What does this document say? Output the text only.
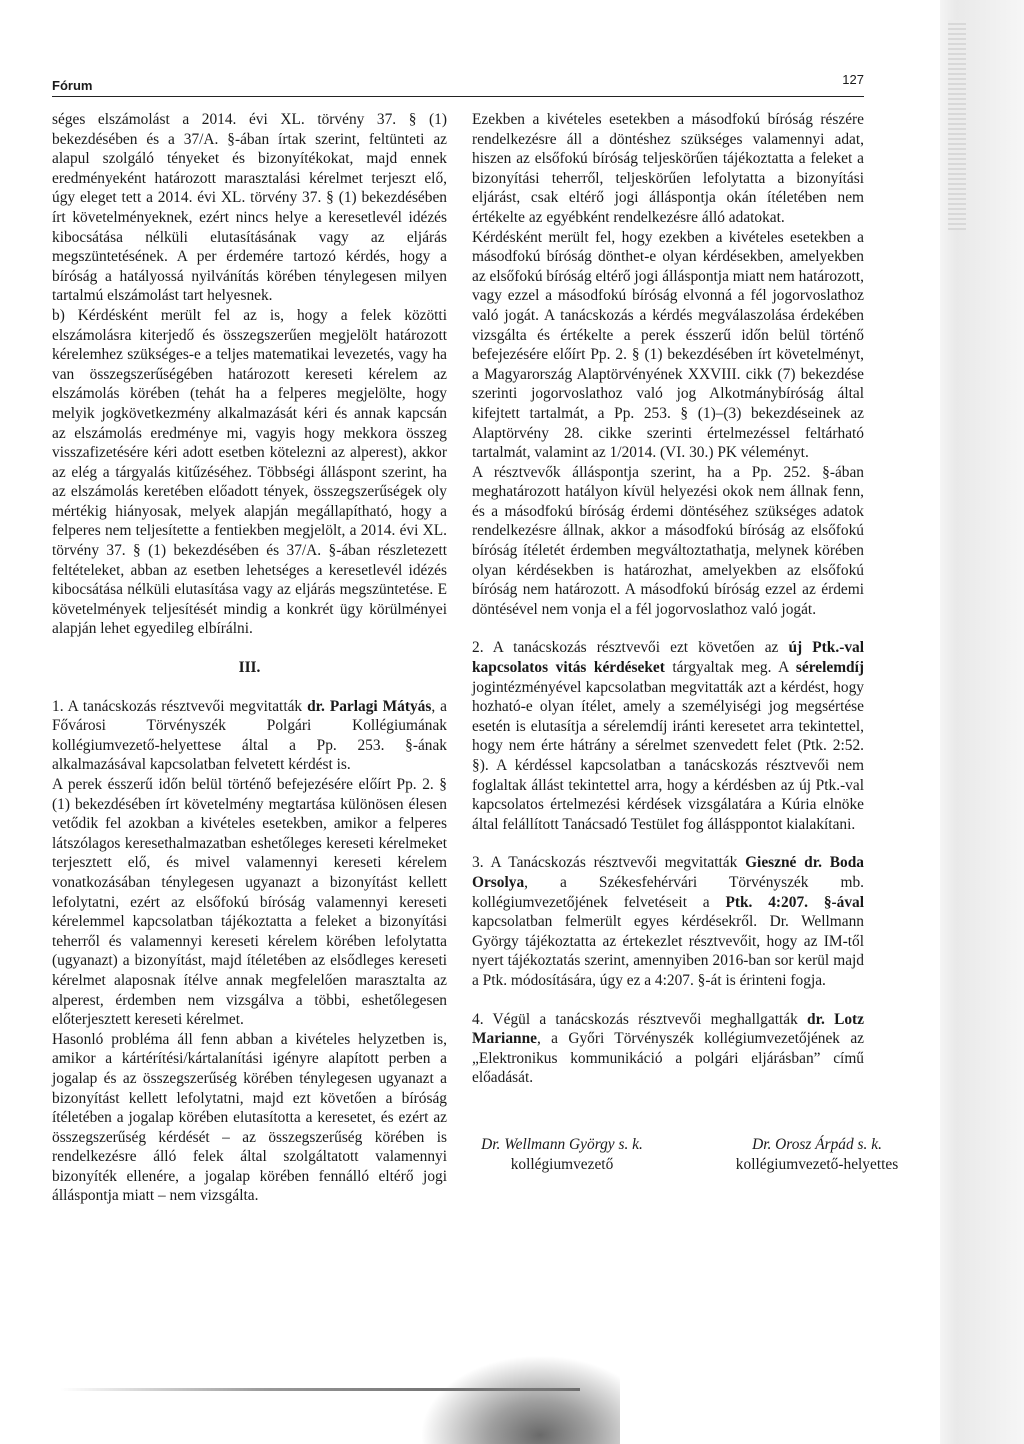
Fórum	127

séges elszámolást a 2014. évi XL. törvény 37. § (1) bekezdésében és a 37/A. §-ában írtak szerint, feltünteti az alapul szolgáló tényeket és bizonyítékokat, majd ennek eredményeként határozott marasztalási kérelmet terjeszt elő, úgy eleget tett a 2014. évi XL. törvény 37. § (1) bekezdésében írt követelményeknek, ezért nincs helye a keresetlevél idézés kibocsátása nélküli elutasításának vagy az eljárás megszüntetésének. A per érdemére tartozó kérdés, hogy a bíróság a hatályossá nyilvánítás körében ténylegesen milyen tartalmú elszámolást tart helyesnek.

b) Kérdésként merült fel az is, hogy a felek közötti elszámolásra kiterjedő és összegszerűen megjelölt határozott kérelemhez szükséges-e a teljes matematikai levezetés, vagy ha van összegszerűségében határozott kereseti kérelem az elszámolás körében (tehát ha a felperes megjelölte, hogy melyik jogkövetkezmény alkalmazását kéri és annak kapcsán az elszámolás eredménye mi, vagyis hogy mekkora összeg visszafizetésére kéri adott esetben kötelezni az alperest), akkor az elég a tárgyalás kitűzéséhez. Többségi álláspont szerint, ha az elszámolás keretében előadott tények, összegszerűségek oly mértékig hiányosak, melyek alapján megállapítható, hogy a felperes nem teljesítette a fentiekben megjelölt, a 2014. évi XL. törvény 37. § (1) bekezdésében és 37/A. §-ában részletezett feltételeket, abban az esetben lehetséges a keresetlevél idézés kibocsátása nélküli elutasítása vagy az eljárás megszüntetése. E követelmények teljesítését mindig a konkrét ügy körülményei alapján lehet egyedileg elbírálni.

III.

1. A tanácskozás résztvevői megvitatták dr. Parlagi Mátyás, a Fővárosi Törvényszék Polgári Kollégiumának kollégiumvezető-helyettese által a Pp. 253. §-ának alkalmazásával kapcsolatban felvetett kérdést is.

A perek ésszerű időn belül történő befejezésére előírt Pp. 2. § (1) bekezdésében írt követelmény megtartása különösen élesen vetődik fel azokban a kivételes esetekben, amikor a felperes látszólagos keresethalmazatban eshetőleges kereseti kérelmeket terjesztett elő, és mivel valamennyi kereseti kérelem vonatkozásában ténylegesen ugyanazt a bizonyítást kellett lefolytatni, ezért az elsőfokú bíróság valamennyi kereseti kérelemmel kapcsolatban tájékoztatta a feleket a bizonyítási teherről és valamennyi kereseti kérelem körében lefolytatta (ugyanazt) a bizonyítást, majd ítéletében az elsődleges kereseti kérelmet alaposnak ítélve annak megfelelően marasztalta az alperest, érdemben nem vizsgálva a többi, eshetőlegesen előterjesztett kereseti kérelmet.

Hasonló probléma áll fenn abban a kivételes helyzetben is, amikor a kártérítési/kártalanítási igényre alapított perben a jogalap és az összegszerűség körében ténylegesen ugyanazt a bizonyítást kellett lefolytatni, majd ezt követően a bíróság ítéletében a jogalap körében elutasította a keresetet, és ezért az összegszerűség kérdését – az összegszerűség körében is rendelkezésre álló felek által szolgáltatott valamennyi bizonyíték ellenére, a jogalap körében fennálló eltérő jogi álláspontja miatt – nem vizsgálta.

Ezekben a kivételes esetekben a másodfokú bíróság részére rendelkezésre áll a döntéshez szükséges valamennyi adat, hiszen az elsőfokú bíróság teljeskörűen tájékoztatta a feleket a bizonyítási teherről, teljeskörűen lefolytatta a bizonyítási eljárást, csak eltérő jogi álláspontja okán ítéletében nem értékelte az egyébként rendelkezésre álló adatokat.

Kérdésként merült fel, hogy ezekben a kivételes esetekben a másodfokú bíróság dönthet-e olyan kérdésekben, amelyekben az elsőfokú bíróság eltérő jogi álláspontja miatt nem határozott, vagy ezzel a másodfokú bíróság elvonná a fél jogorvoslathoz való jogát. A tanácskozás a kérdés megválaszolása érdekében vizsgálta és értékelte a perek ésszerű időn belül történő befejezésére előírt Pp. 2. § (1) bekezdésében írt követelményt, a Magyarország Alaptörvényének XXVIII. cikk (7) bekezdése szerinti jogorvoslathoz való jog Alkotmánybíróság által kifejtett tartalmát, a Pp. 253. § (1)–(3) bekezdéseinek az Alaptörvény 28. cikke szerinti értelmezéssel feltárható tartalmát, valamint az 1/2014. (VI. 30.) PK véleményt.

A résztvevők álláspontja szerint, ha a Pp. 252. §-ában meghatározott hatályon kívül helyezési okok nem állnak fenn, és a másodfokú bíróság érdemi döntéséhez szükséges adatok rendelkezésre állnak, akkor a másodfokú bíróság az elsőfokú bíróság ítéletét érdemben megváltoztathatja, melynek körében olyan kérdésekben is határozhat, amelyekben az elsőfokú bíróság nem határozott. A másodfokú bíróság ezzel az érdemi döntésével nem vonja el a fél jogorvoslathoz való jogát.

2. A tanácskozás résztvevői ezt követően az új Ptk.-val kapcsolatos vitás kérdéseket tárgyaltak meg. A sérelemdíj jogintézményével kapcsolatban megvitatták azt a kérdést, hogy hozható-e olyan ítélet, amely a személyiségi jog megsértése esetén is elutasítja a sérelemdíj iránti keresetet arra tekintettel, hogy nem érte hátrány a sérelmet szenvedett felet (Ptk. 2:52. §). A kérdéssel kapcsolatban a tanácskozás résztvevői nem foglaltak állást tekintettel arra, hogy a kérdésben az új Ptk.-val kapcsolatos értelmezési kérdések vizsgálatára a Kúria elnöke által felállított Tanácsadó Testület fog állásppontot kialakítani.

3. A Tanácskozás résztvevői megvitatták Gieszné dr. Boda Orsolya, a Székesfehérvári Törvényszék mb. kollégiumvezetőjének felvetéseit a Ptk. 4:207. §-ával kapcsolatban felmerült egyes kérdésekről. Dr. Wellmann György tájékoztatta az értekezlet résztvevőit, hogy az IM-től nyert tájékoztatás szerint, amennyiben 2016-ban sor kerül majd a Ptk. módosítására, úgy ez a 4:207. §-át is érinteni fogja.

4. Végül a tanácskozás résztvevői meghallgatták dr. Lotz Marianne, a Győri Törvényszék kollégiumvezetőjének az „Elektronikus kommunikáció a polgári eljárásban” című előadását.

Dr. Wellmann György s. k.
kollégiumvezető
Dr. Orosz Árpád s. k.
kollégiumvezető-helyettes
